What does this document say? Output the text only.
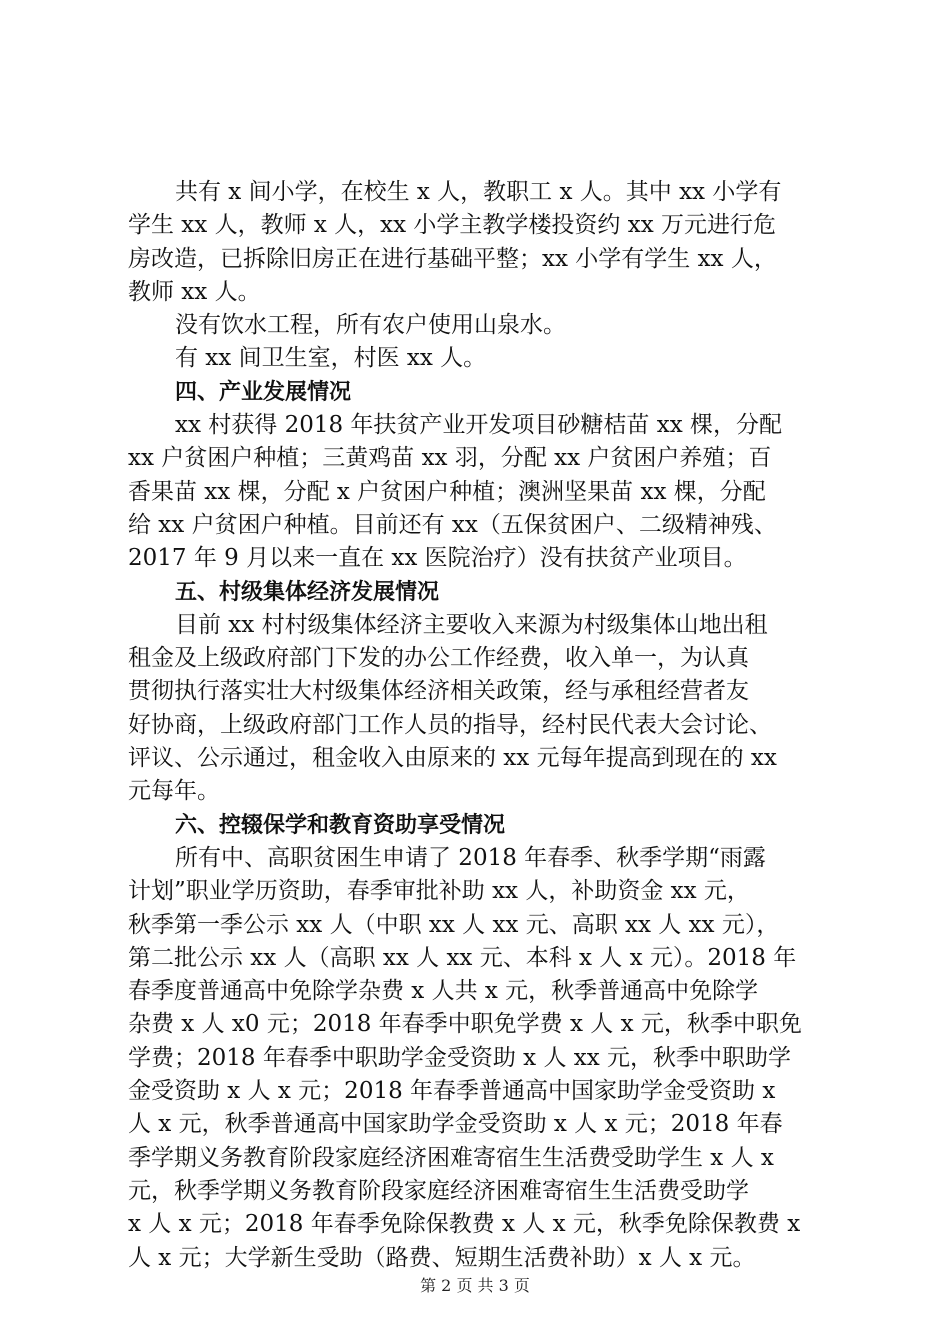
共有 x 间小学，在校生 x 人，教职工 x 人。其中 xx 小学有
学生 xx 人，教师 x 人，xx 小学主教学楼投资约 xx 万元进行危
房改造，已拆除旧房正在进行基础平整；xx 小学有学生 xx 人，
教师 xx 人。
没有饮水工程，所有农户使用山泉水。
有 xx 间卫生室，村医 xx 人。
四、产业发展情况
xx 村获得 2018 年扶贫产业开发项目砂糖桔苗 xx 棵，分配
xx 户贫困户种植；三黄鸡苗 xx 羽，分配 xx 户贫困户养殖；百
香果苗 xx 棵，分配 x 户贫困户种植；澳洲坚果苗 xx 棵，分配
给 xx 户贫困户种植。目前还有 xx（五保贫困户、二级精神残、
2017 年 9 月以来一直在 xx 医院治疗）没有扶贫产业项目。
五、村级集体经济发展情况
目前 xx 村村级集体经济主要收入来源为村级集体山地出租
租金及上级政府部门下发的办公工作经费，收入单一，为认真
贯彻执行落实壮大村级集体经济相关政策，经与承租经营者友
好协商，上级政府部门工作人员的指导，经村民代表大会讨论、
评议、公示通过，租金收入由原来的 xx 元每年提高到现在的 xx
元每年。
六、控辍保学和教育资助享受情况
所有中、高职贫困生申请了 2018 年春季、秋季学期“雨露
计划”职业学历资助，春季审批补助 xx 人，补助资金 xx 元，
秋季第一季公示 xx 人（中职 xx 人 xx 元、高职 xx 人 xx 元），
第二批公示 xx 人（高职 xx 人 xx 元、本科 x 人 x 元）。2018 年
春季度普通高中免除学杂费 x 人共 x 元，秋季普通高中免除学
杂费 x 人 x0 元；2018 年春季中职免学费 x 人 x 元，秋季中职免
学费；2018 年春季中职助学金受资助 x 人 xx 元，秋季中职助学
金受资助 x 人 x 元；2018 年春季普通高中国家助学金受资助 x
人 x 元，秋季普通高中国家助学金受资助 x 人 x 元；2018 年春
季学期义务教育阶段家庭经济困难寄宿生生活费受助学生 x 人 x
元，秋季学期义务教育阶段家庭经济困难寄宿生生活费受助学
x 人 x 元；2018 年春季免除保教费 x 人 x 元，秋季免除保教费 x
人 x 元；大学新生受助（路费、短期生活费补助）x 人 x 元。
第 2 页 共 3 页
